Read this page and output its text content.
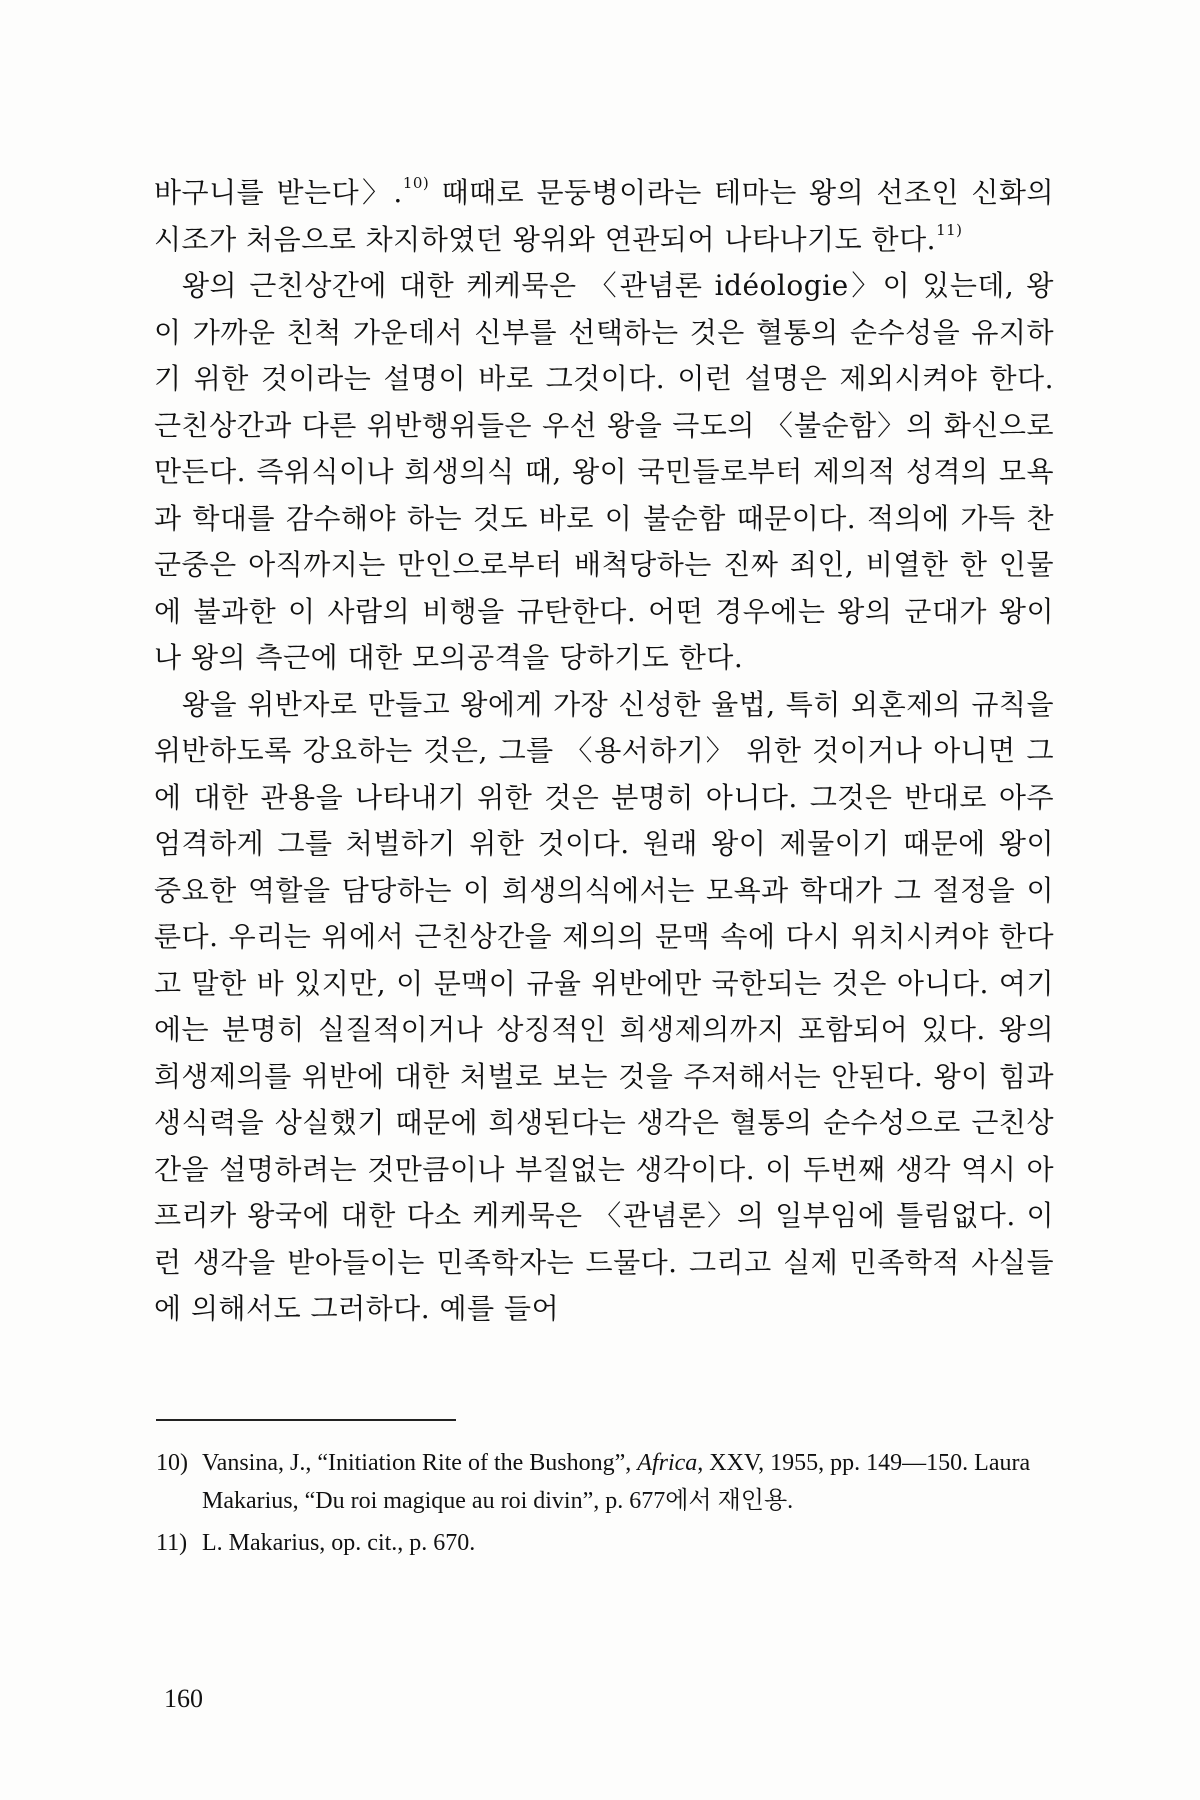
바구니를 받는다〉.$^{10)}$ 때때로 문둥병이라는 테마는 왕의 선조인 신화의 시조가 처음으로 차지하였던 왕위와 연관되어 나타나기도 한다.$^{11)}$

왕의 근친상간에 대한 케케묵은 〈관념론 idéologie〉이 있는데, 왕이 가까운 친척 가운데서 신부를 선택하는 것은 혈통의 순수성을 유지하기 위한 것이라는 설명이 바로 그것이다. 이런 설명은 제외시켜야 한다. 근친상간과 다른 위반행위들은 우선 왕을 극도의 〈불순함〉의 화신으로 만든다. 즉위식이나 희생의식 때, 왕이 국민들로부터 제의적 성격의 모욕과 학대를 감수해야 하는 것도 바로 이 불순함 때문이다. 적의에 가득 찬 군중은 아직까지는 만인으로부터 배척당하는 진짜 죄인, 비열한 한 인물에 불과한 이 사람의 비행을 규탄한다. 어떤 경우에는 왕의 군대가 왕이나 왕의 측근에 대한 모의공격을 당하기도 한다.

왕을 위반자로 만들고 왕에게 가장 신성한 율법, 특히 외혼제의 규칙을 위반하도록 강요하는 것은, 그를 〈용서하기〉 위한 것이거나 아니면 그에 대한 관용을 나타내기 위한 것은 분명히 아니다. 그것은 반대로 아주 엄격하게 그를 처벌하기 위한 것이다. 원래 왕이 제물이기 때문에 왕이 중요한 역할을 담당하는 이 희생의식에서는 모욕과 학대가 그 절정을 이룬다. 우리는 위에서 근친상간을 제의의 문맥 속에 다시 위치시켜야 한다고 말한 바 있지만, 이 문맥이 규율 위반에만 국한되는 것은 아니다. 여기에는 분명히 실질적이거나 상징적인 희생제의까지 포함되어 있다. 왕의 희생제의를 위반에 대한 처벌로 보는 것을 주저해서는 안된다. 왕이 힘과 생식력을 상실했기 때문에 희생된다는 생각은 혈통의 순수성으로 근친상간을 설명하려는 것만큼이나 부질없는 생각이다. 이 두번째 생각 역시 아프리카 왕국에 대한 다소 케케묵은 〈관념론〉의 일부임에 틀림없다. 이런 생각을 받아들이는 민족학자는 드물다. 그리고 실제 민족학적 사실들에 의해서도 그러하다. 예를 들어

10) Vansina, J., “Initiation Rite of the Bushong”, Africa, XXV, 1955, pp. 149—150. Laura Makarius, “Du roi magique au roi divin”, p. 677에서 재인용.

11) L. Makarius, op. cit., p. 670.

160
